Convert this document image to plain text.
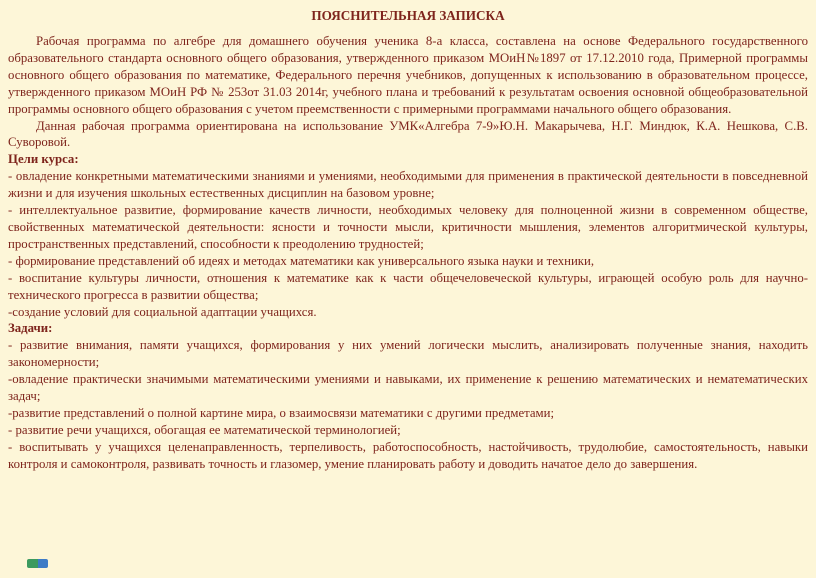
ПОЯСНИТЕЛЬНАЯ ЗАПИСКА

Рабочая программа по алгебре для домашнего обучения ученика 8-а класса, составлена на основе Федерального государственного образовательного стандарта основного общего образования, утвержденного приказом МОиН№1897 от 17.12.2010 года, Примерной программы основного общего образования по математике, Федерального перечня учебников, допущенных к использованию в образовательном процессе, утвержденного приказом МОиН РФ № 253от 31.03 2014г, учебного плана и требований к результатам освоения основной общеобразовательной программы основного общего образования с учетом преемственности с примерными программами начального общего образования.

Данная рабочая программа ориентирована на использование УМК«Алгебра 7-9»Ю.Н. Макарычева, Н.Г. Миндюк, К.А. Нешкова, С.В. Суворовой.

Цели курса:

- овладение конкретными математическими знаниями и умениями, необходимыми для применения в практической деятельности в повседневной жизни и для изучения школьных естественных дисциплин на базовом уровне;

- интеллектуальное развитие, формирование качеств личности, необходимых человеку для полноценной жизни в современном обществе, свойственных математической деятельности: ясности и точности мысли, критичности мышления, элементов алгоритмической культуры, пространственных представлений, способности к преодолению трудностей;

- формирование представлений об идеях и методах математики как универсального языка науки и техники,

- воспитание культуры личности, отношения к математике как к части общечеловеческой культуры, играющей особую роль для научно-технического прогресса в развитии общества;

-создание условий для социальной адаптации учащихся.

Задачи:

- развитие внимания, памяти учащихся, формирования у них умений логически мыслить, анализировать полученные знания, находить закономерности;

-овладение практически значимыми математическими умениями и навыками, их применение к решению математических и нематематических задач;

-развитие представлений о полной картине мира, о взаимосвязи математики с другими предметами;

- развитие речи учащихся, обогащая ее математической терминологией;

- воспитывать у учащихся целенаправленность, терпеливость, работоспособность, настойчивость, трудолюбие, самостоятельность, навыки контроля и самоконтроля, развивать точность и глазомер, умение планировать работу и доводить начатое дело до завершения.
